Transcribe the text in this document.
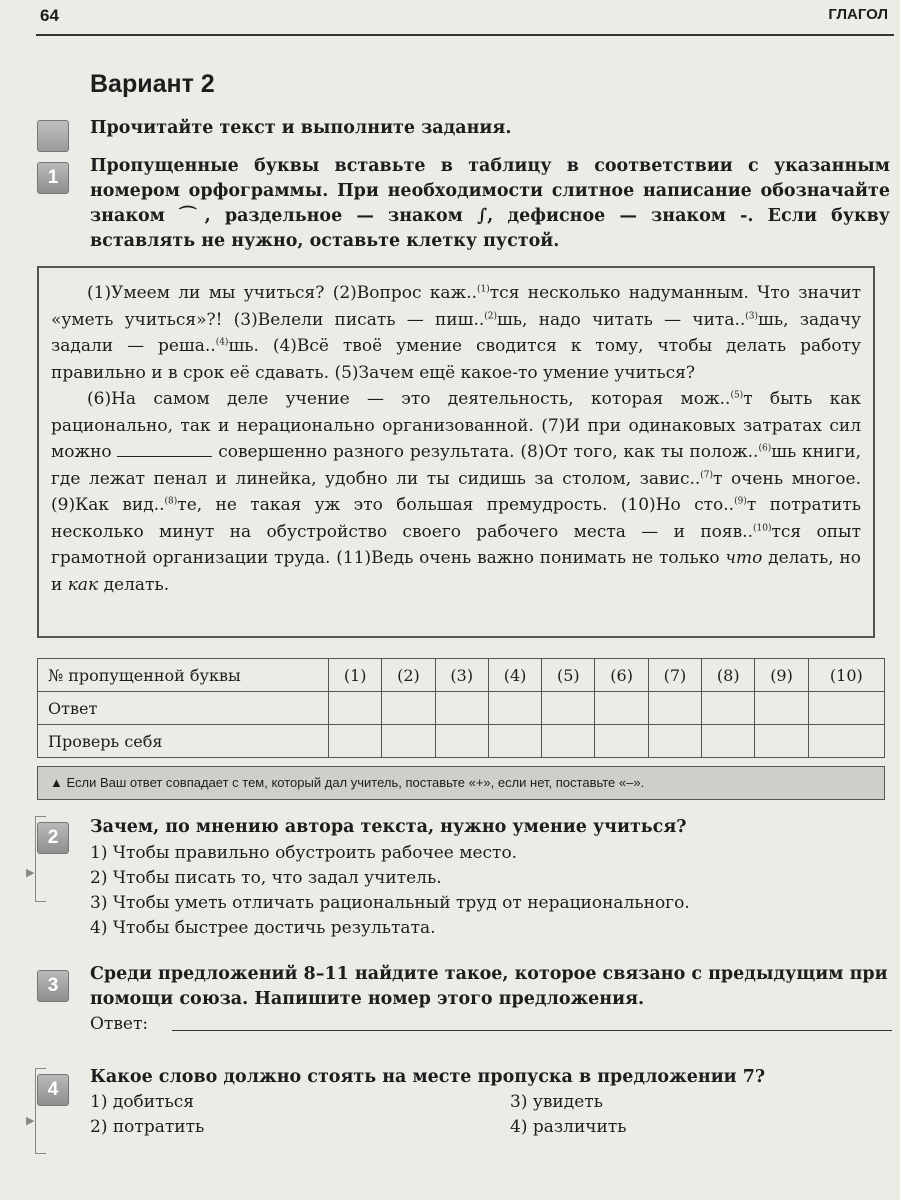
64	ГЛАГОЛ
Вариант 2
Прочитайте текст и выполните задания.
1
Пропущенные буквы вставьте в таблицу в соответствии с указанным номером орфограммы. При необходимости слитное написание обозначайте знаком ⌒, раздельное — знаком ∫, дефисное — знаком -. Если букву вставлять не нужно, оставьте клетку пустой.

(1)Умеем ли мы учиться? (2)Вопрос каж..$^{(1)}$тся несколько надуманным. Что значит «уметь учиться»?! (3)Велели писать — пиш..$^{(2)}$шь, надо читать — чита..$^{(3)}$шь, задачу задали — реша..$^{(4)}$шь. (4)Всё твоё умение сводится к тому, чтобы делать работу правильно и в срок её сдавать. (5)Зачем ещё какое-то умение учиться?

(6)На самом деле учение — это деятельность, которая мож..$^{(5)}$т быть как рационально, так и нерационально организованной. (7)И при одинаковых затратах сил можно	совершенно разного результата. (8)От того, как ты полож..$^{(6)}$шь книги, где лежат пенал и линейка, удобно ли ты сидишь за столом, завис..$^{(7)}$т очень многое. (9)Как вид..$^{(8)}$те, не такая уж это большая премудрость. (10)Но сто..$^{(9)}$т потратить несколько минут на обустройство своего рабочего места — и появ..$^{(10)}$тся опыт грамотной организации труда. (11)Ведь очень важно понимать не только что делать, но и как делать.

№ пропущенной буквы	(1)	(2)	(3)	(4)	(5)	(6)	(7)	(8)	(9)	(10)
Ответ										
Проверь себя										
▲ Если Ваш ответ совпадает с тем, который дал учитель, поставьте «+», если нет, поставьте «–».
2
▶
Зачем, по мнению автора текста, нужно умение учиться?
1) Чтобы правильно обустроить рабочее место.
2) Чтобы писать то, что задал учитель.
3) Чтобы уметь отличать рациональный труд от нерационального.
4) Чтобы быстрее достичь результата.
3
Среди предложений 8–11 найдите такое, которое связано с предыдущим при помощи союза. Напишите номер этого предложения.
Ответ:
4
▶
Какое слово должно стоять на месте пропуска в предложении 7?
1) добиться
2) потратить
3) увидеть
4) различить
